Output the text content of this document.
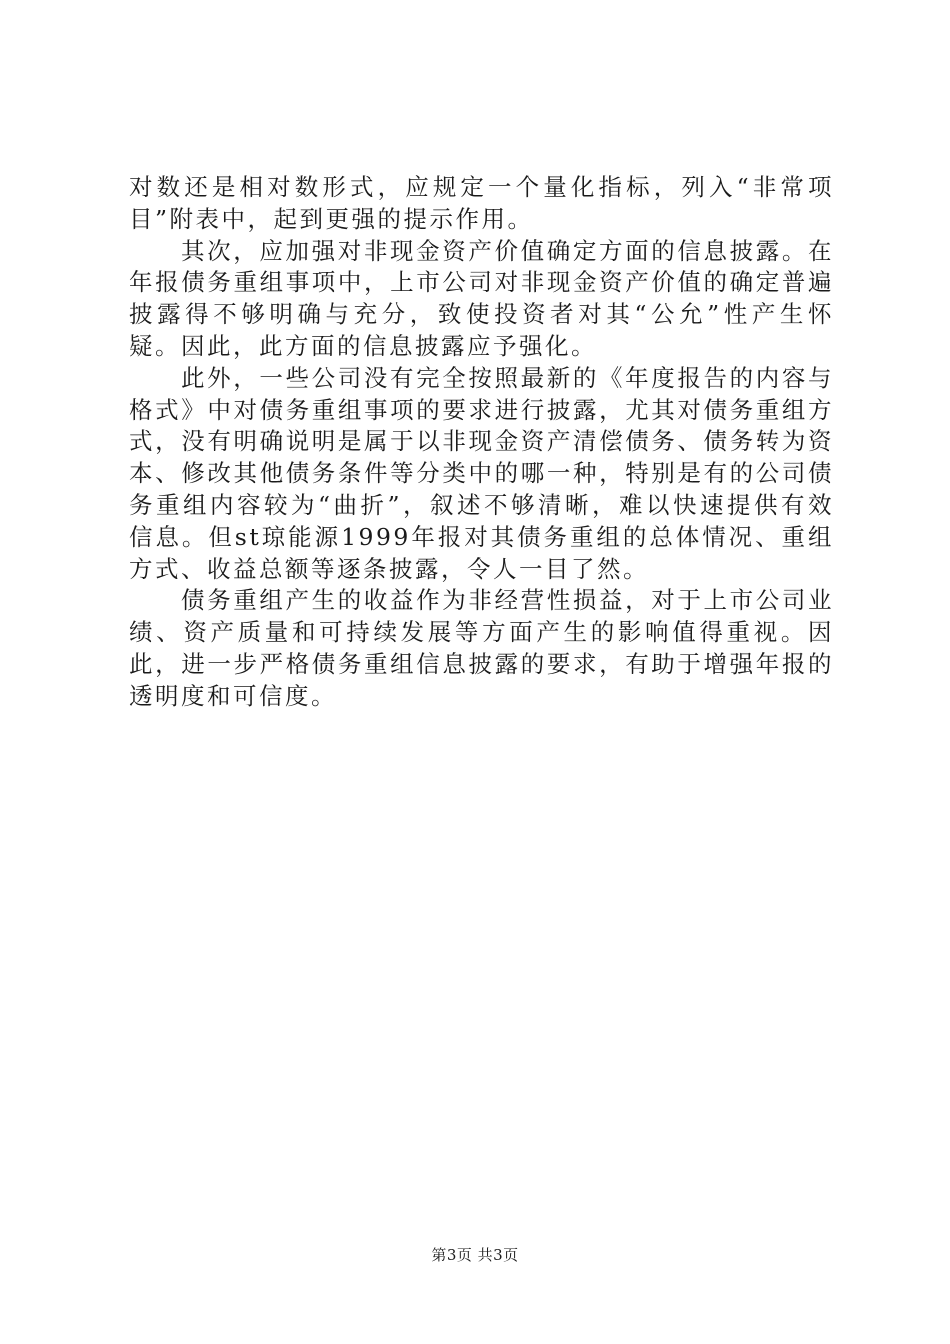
对数还是相对数形式，应规定一个量化指标，列入“非常项目”附表中，起到更强的提示作用。

其次，应加强对非现金资产价值确定方面的信息披露。在年报债务重组事项中，上市公司对非现金资产价值的确定普遍披露得不够明确与充分，致使投资者对其“公允”性产生怀疑。因此，此方面的信息披露应予强化。

此外，一些公司没有完全按照最新的《年度报告的内容与格式》中对债务重组事项的要求进行披露，尤其对债务重组方式，没有明确说明是属于以非现金资产清偿债务、债务转为资本、修改其他债务条件等分类中的哪一种，特别是有的公司债务重组内容较为“曲折”，叙述不够清晰，难以快速提供有效信息。但st琼能源1999年报对其债务重组的总体情况、重组方式、收益总额等逐条披露，令人一目了然。

债务重组产生的收益作为非经营性损益，对于上市公司业绩、资产质量和可持续发展等方面产生的影响值得重视。因此，进一步严格债务重组信息披露的要求，有助于增强年报的透明度和可信度。

第3页 共3页
